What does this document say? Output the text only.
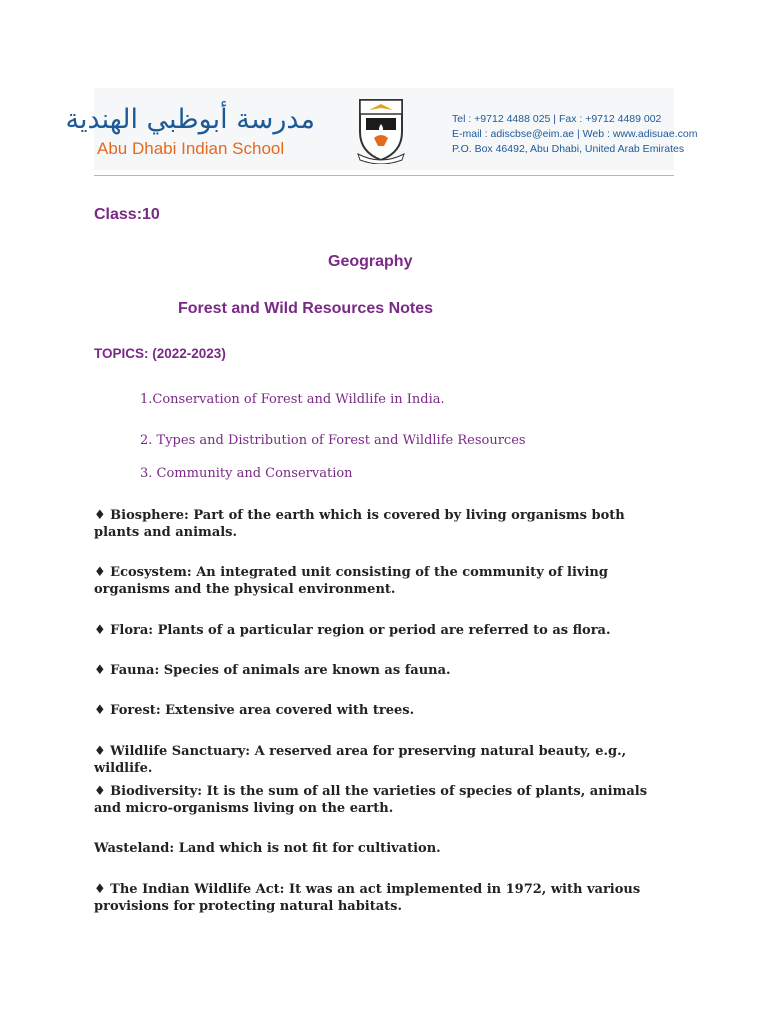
مدرسة أبوظبي الهندية
Abu Dhabi Indian School
Tel : +9712 4488 025 | Fax : +9712 4489 002
E-mail : adiscbse@eim.ae | Web : www.adisuae.com
P.O. Box 46492, Abu Dhabi, United Arab Emirates
Class:10
Geography
Forest and Wild Resources Notes
TOPICS: (2022-2023)
1.Conservation of Forest and Wildlife in India.
2. Types and Distribution of Forest and Wildlife Resources
3. Community and Conservation
♦ Biosphere: Part of the earth which is covered by living organisms both plants and animals.
♦ Ecosystem: An integrated unit consisting of the community of living organisms and the physical environment.
♦ Flora: Plants of a particular region or period are referred to as flora.
♦ Fauna: Species of animals are known as fauna.
♦ Forest: Extensive area covered with trees.
♦ Wildlife Sanctuary: A reserved area for preserving natural beauty, e.g., wildlife.
♦ Biodiversity: It is the sum of all the varieties of species of plants, animals and micro-organisms living on the earth.
Wasteland: Land which is not fit for cultivation.
♦ The Indian Wildlife Act: It was an act implemented in 1972, with various provisions for protecting natural habitats.
